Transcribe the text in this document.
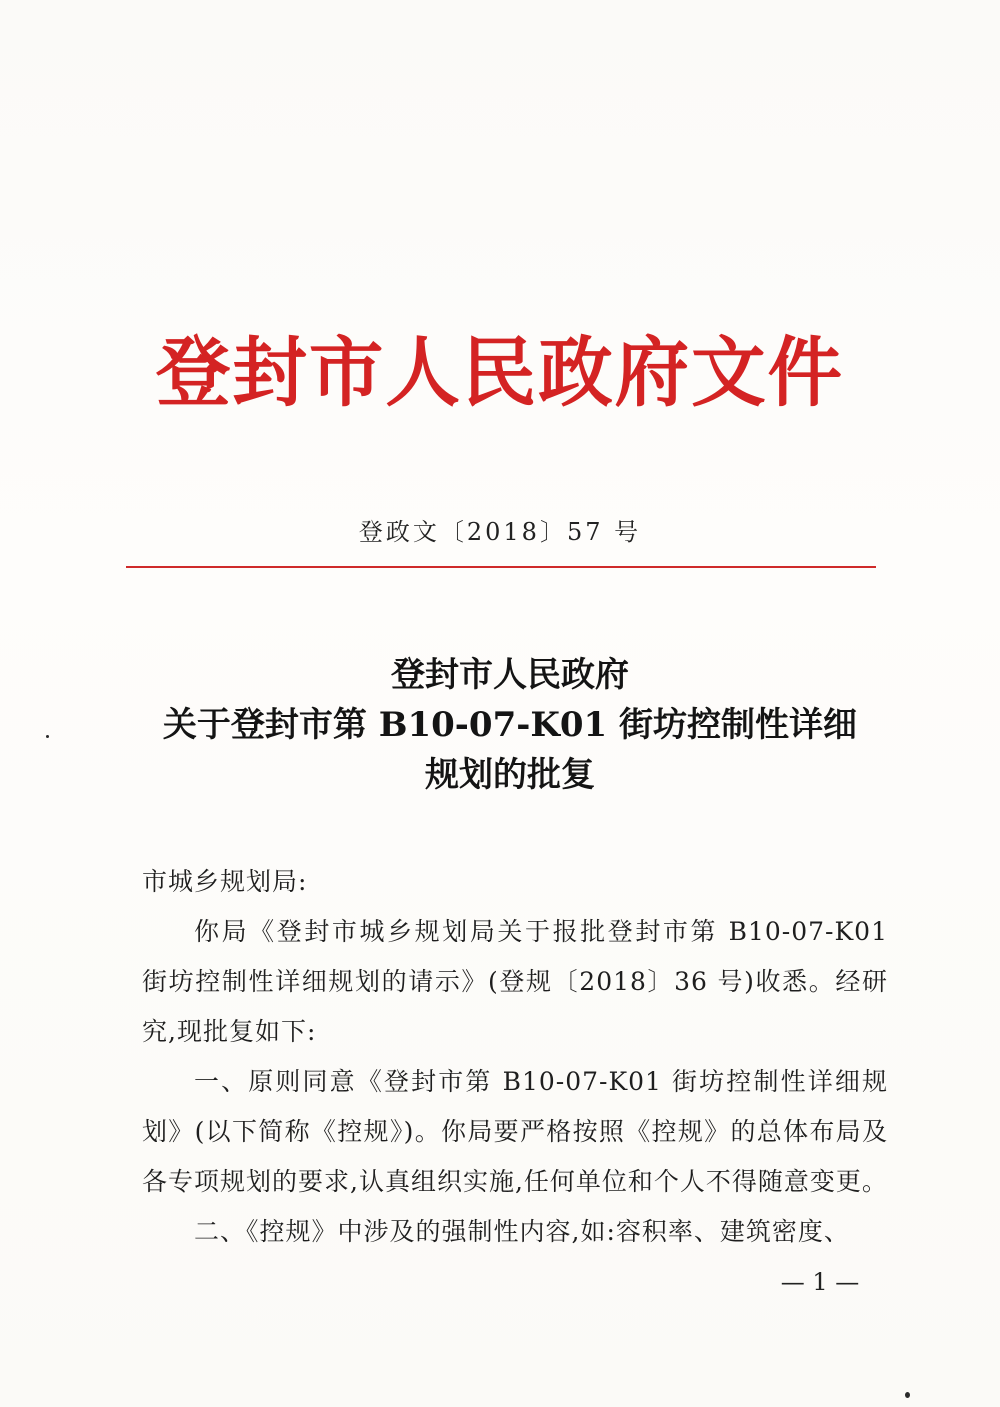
登封市人民政府文件
登政文〔2018〕57 号
登封市人民政府
关于登封市第 B10-07-K01 街坊控制性详细
规划的批复

市城乡规划局:

你局《登封市城乡规划局关于报批登封市第 B10-07-K01 街坊控制性详细规划的请示》(登规〔2018〕36 号)收悉。经研究,现批复如下:

一、原则同意《登封市第 B10-07-K01 街坊控制性详细规划》(以下简称《控规》)。你局要严格按照《控规》的总体布局及各专项规划的要求,认真组织实施,任何单位和个人不得随意变更。

二、《控规》中涉及的强制性内容,如:容积率、建筑密度、

— 1 —
